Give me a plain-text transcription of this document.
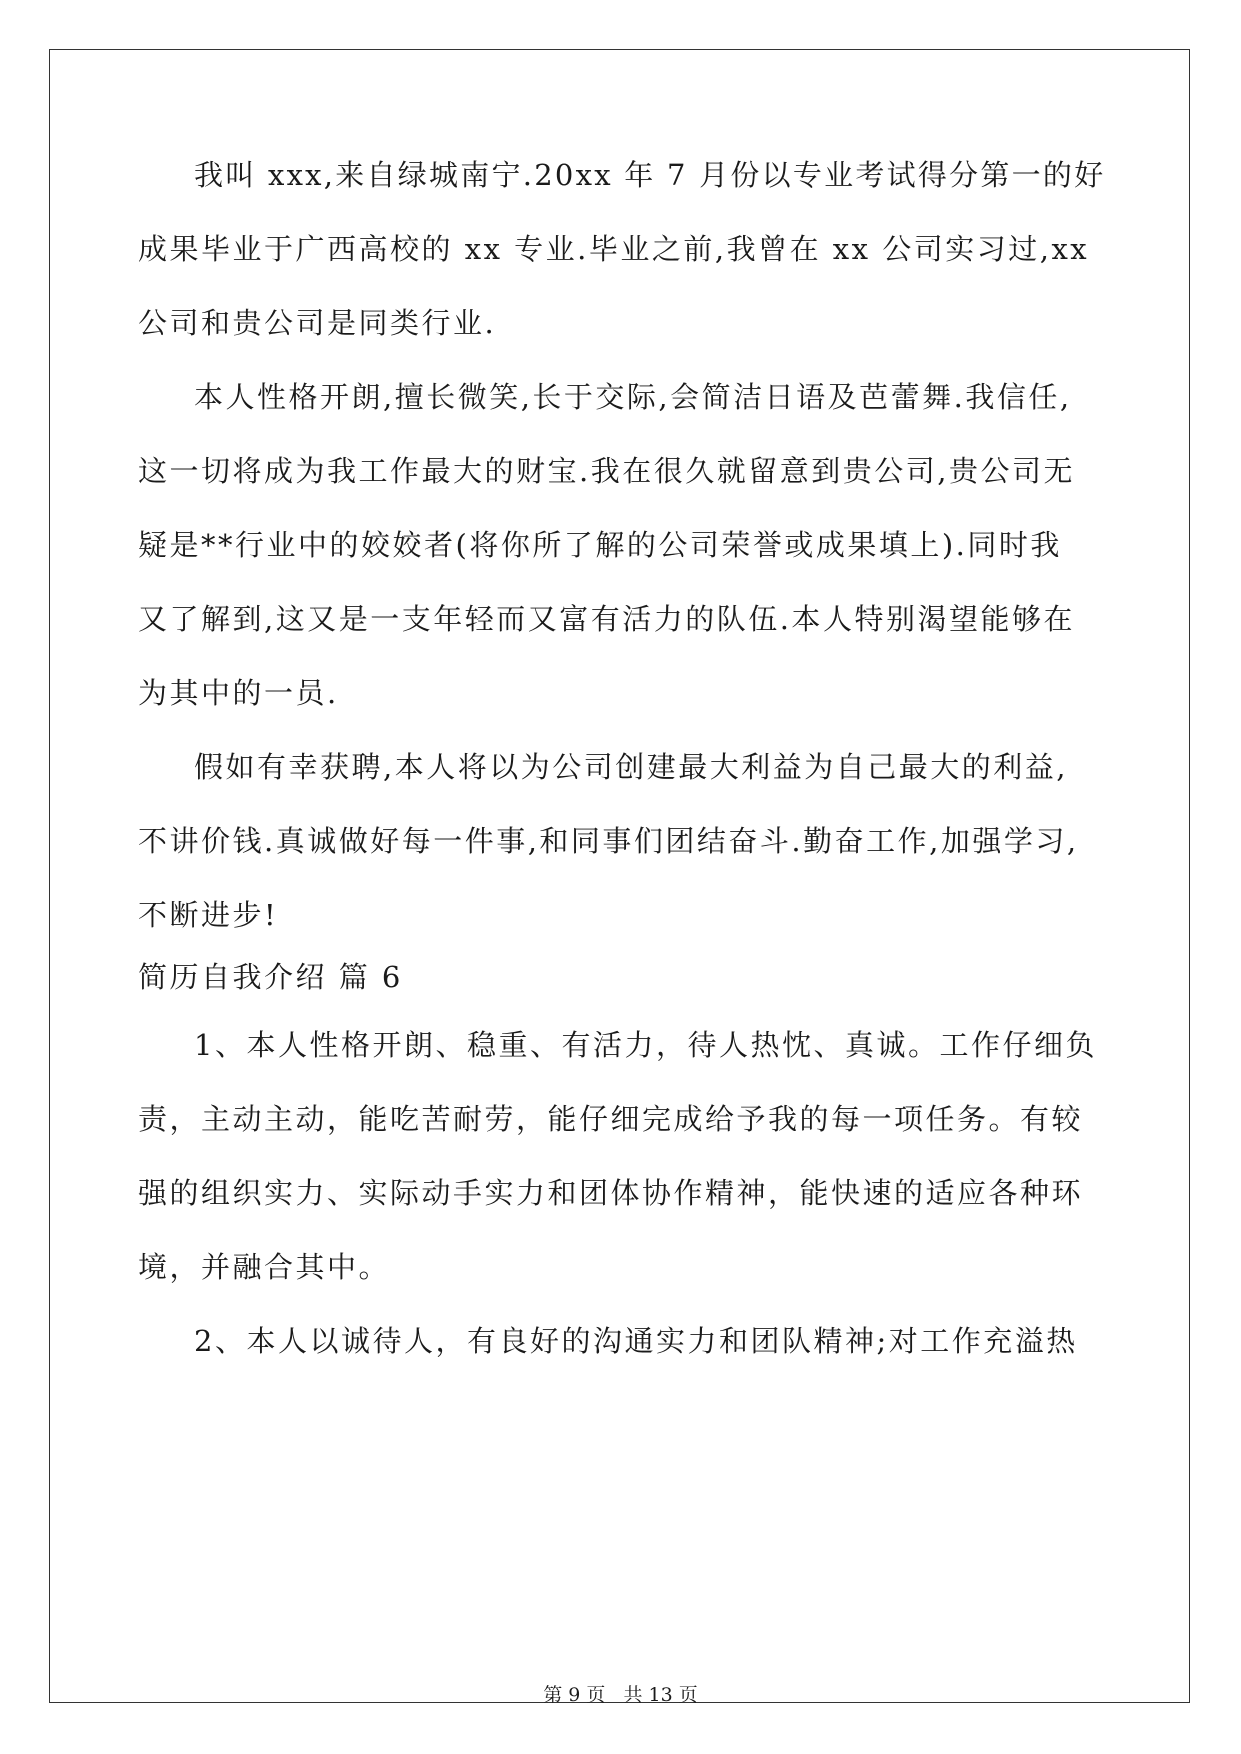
我叫 xxx,来自绿城南宁.20xx 年 7 月份以专业考试得分第一的好
成果毕业于广西高校的 xx 专业.毕业之前,我曾在 xx 公司实习过,xx
公司和贵公司是同类行业.
本人性格开朗,擅长微笑,长于交际,会简洁日语及芭蕾舞.我信任,
这一切将成为我工作最大的财宝.我在很久就留意到贵公司,贵公司无
疑是**行业中的姣姣者(将你所了解的公司荣誉或成果填上).同时我
又了解到,这又是一支年轻而又富有活力的队伍.本人特别渴望能够在
为其中的一员.
假如有幸获聘,本人将以为公司创建最大利益为自己最大的利益,
不讲价钱.真诚做好每一件事,和同事们团结奋斗.勤奋工作,加强学习,
不断进步!
简历自我介绍 篇 6
1、本人性格开朗、稳重、有活力，待人热忱、真诚。工作仔细负
责，主动主动，能吃苦耐劳，能仔细完成给予我的每一项任务。有较
强的组织实力、实际动手实力和团体协作精神，能快速的适应各种环
境，并融合其中。
2、本人以诚待人，有良好的沟通实力和团队精神;对工作充溢热
第 9 页 共 13 页
